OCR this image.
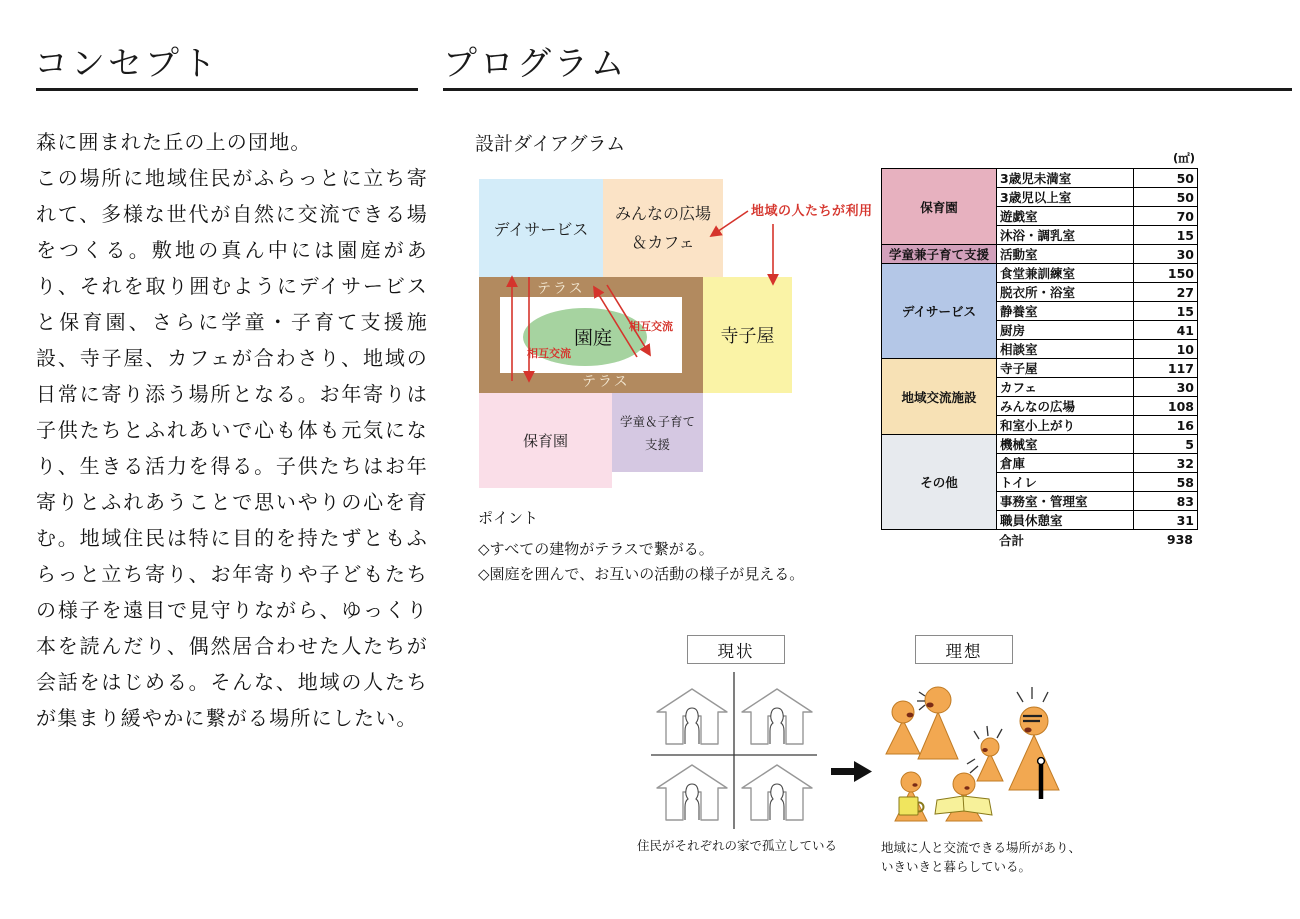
コンセプト
森に囲まれた丘の上の団地。
この場所に地域住民がふらっとに立ち寄れて、多様な世代が自然に交流できる場をつくる。敷地の真ん中には園庭があり、それを取り囲むようにデイサービスと保育園、さらに学童・子育て支援施設、寺子屋、カフェが合わさり、地域の日常に寄り添う場所となる。お年寄りは子供たちとふれあいで心も体も元気になり、生きる活力を得る。子供たちはお年寄りとふれあうことで思いやりの心を育む。地域住民は特に目的を持たずともふらっと立ち寄り、お年寄りや子どもたちの様子を遠目で見守りながら、ゆっくり本を読んだり、偶然居合わせた人たちが会話をはじめる。そんな、地域の人たちが集まり緩やかに繋がる場所にしたい。
プログラム
設計ダイアグラム
デイサービス
みんなの広場
＆カフェ
園庭
テラス
テラス
寺子屋
保育園
学童＆子育て
支援
相互交流
相互交流
地域の人たちが利用
(㎡)
保育園	3歳児未満室	50
	3歳児以上室	50
	遊戯室	70
	沐浴・調乳室	15
学童兼子育て支援	活動室	30
デイサービス	食堂兼訓練室	150
	脱衣所・浴室	27
	静養室	15
	厨房	41
	相談室	10
地域交流施設	寺子屋	117
	カフェ	30
	みんなの広場	108
	和室小上がり	16
その他	機械室	5
	倉庫	32
	トイレ	58
	事務室・管理室	83
	職員休憩室	31
合計	938
ポイント
◇すべての建物がテラスで繋がる。
◇園庭を囲んで、お互いの活動の様子が見える。
現状
住民がそれぞれの家で孤立している
理想
地域に人と交流できる場所があり、
いきいきと暮らしている。
